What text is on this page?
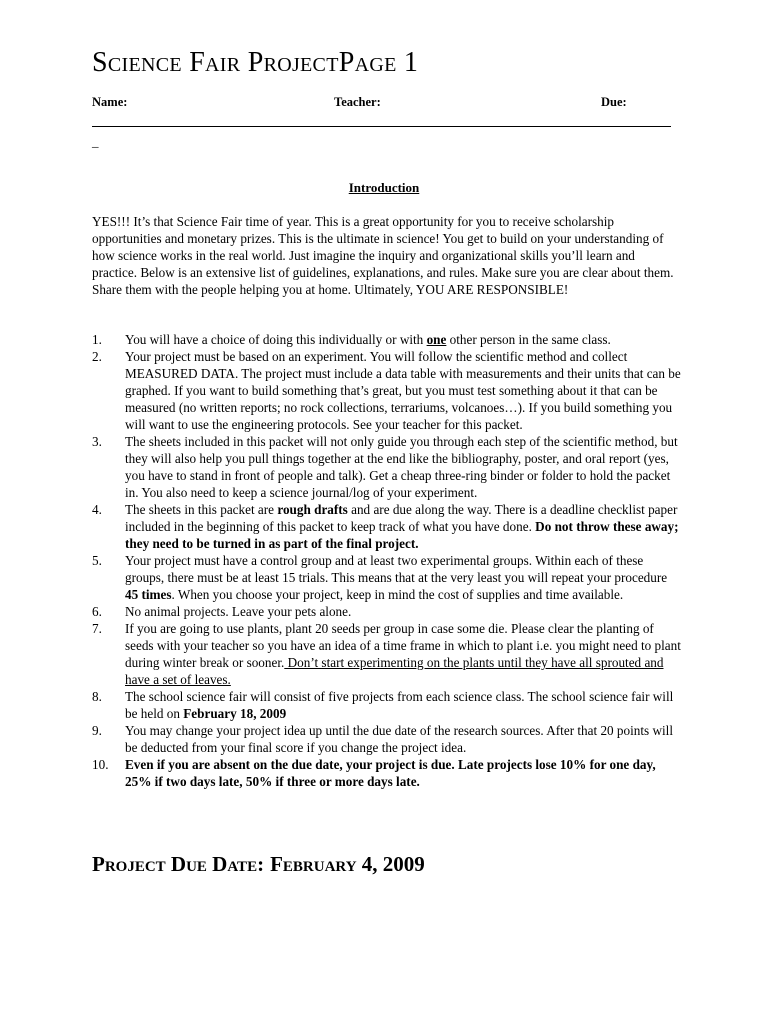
Science Fair ProjectPage 1
Name:	Teacher:	Due:
_
Introduction
YES!!! It’s that Science Fair time of year. This is a great opportunity for you to receive scholarship opportunities and monetary prizes. This is the ultimate in science! You get to build on your understanding of how science works in the real world. Just imagine the inquiry and organizational skills you’ll learn and practice. Below is an extensive list of guidelines, explanations, and rules. Make sure you are clear about them. Share them with the people helping you at home. Ultimately, YOU ARE RESPONSIBLE!
1. You will have a choice of doing this individually or with one other person in the same class.
2. Your project must be based on an experiment. You will follow the scientific method and collect MEASURED DATA. The project must include a data table with measurements and their units that can be graphed. If you want to build something that’s great, but you must test something about it that can be measured (no written reports; no rock collections, terrariums, volcanoes…). If you build something you will want to use the engineering protocols. See your teacher for this packet.
3. The sheets included in this packet will not only guide you through each step of the scientific method, but they will also help you pull things together at the end like the bibliography, poster, and oral report (yes, you have to stand in front of people and talk). Get a cheap three-ring binder or folder to hold the packet in. You also need to keep a science journal/log of your experiment.
4. The sheets in this packet are rough drafts and are due along the way. There is a deadline checklist paper included in the beginning of this packet to keep track of what you have done. Do not throw these away; they need to be turned in as part of the final project.
5. Your project must have a control group and at least two experimental groups. Within each of these groups, there must be at least 15 trials. This means that at the very least you will repeat your procedure 45 times. When you choose your project, keep in mind the cost of supplies and time available.
6. No animal projects. Leave your pets alone.
7. If you are going to use plants, plant 20 seeds per group in case some die. Please clear the planting of seeds with your teacher so you have an idea of a time frame in which to plant i.e. you might need to plant during winter break or sooner. Don’t start experimenting on the plants until they have all sprouted and have a set of leaves.
8. The school science fair will consist of five projects from each science class. The school science fair will be held on February 18, 2009
9. You may change your project idea up until the due date of the research sources. After that 20 points will be deducted from your final score if you change the project idea.
10. Even if you are absent on the due date, your project is due. Late projects lose 10% for one day, 25% if two days late, 50% if three or more days late.
Project Due Date: February 4, 2009
